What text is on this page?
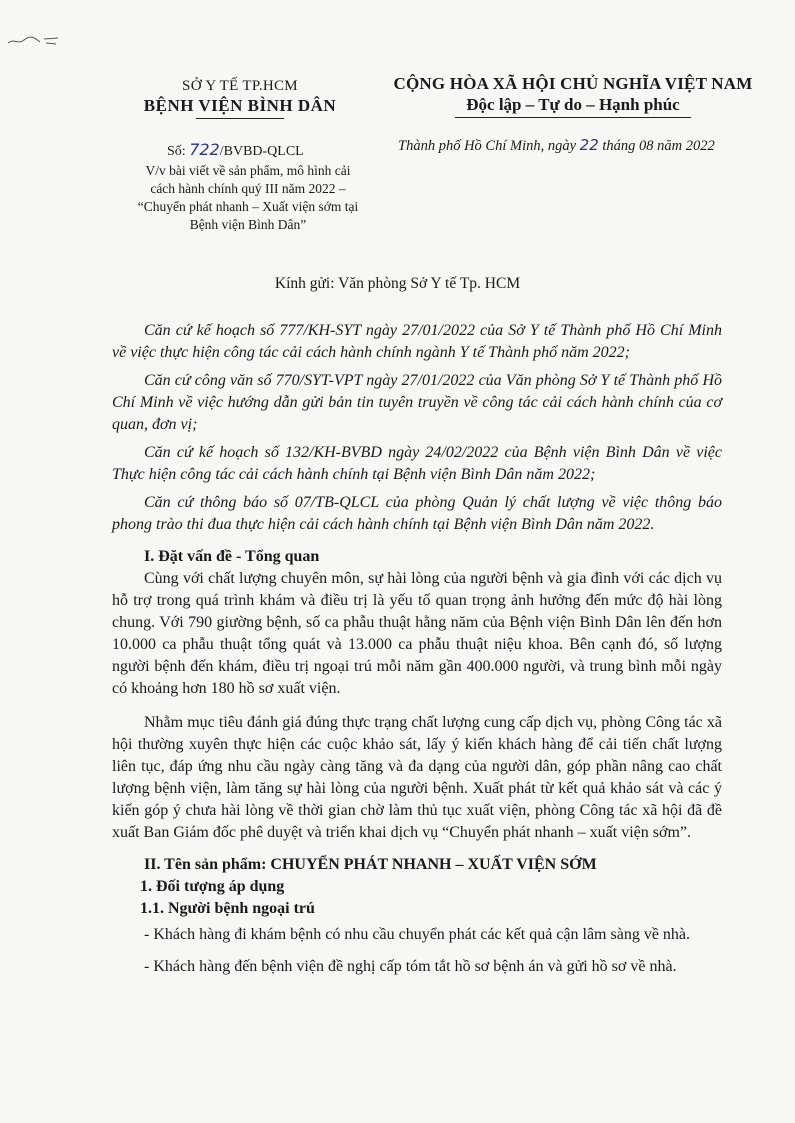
SỞ Y TẾ TP.HCM
BỆNH VIỆN BÌNH DÂN
CỘNG HÒA XÃ HỘI CHỦ NGHĨA VIỆT NAM
Độc lập – Tự do – Hạnh phúc
Số: 722/BVBD-QLCL
V/v bài viết về sản phẩm, mô hình cải cách hành chính quý III năm 2022 – “Chuyển phát nhanh – Xuất viện sớm tại Bệnh viện Bình Dân”
Thành phố Hồ Chí Minh, ngày 22 tháng 08 năm 2022
Kính gửi: Văn phòng Sở Y tế Tp. HCM

Căn cứ kế hoạch số 777/KH-SYT ngày 27/01/2022 của Sở Y tế Thành phố Hồ Chí Minh về việc thực hiện công tác cải cách hành chính ngành Y tế Thành phố năm 2022;

Căn cứ công văn số 770/SYT-VPT ngày 27/01/2022 của Văn phòng Sở Y tế Thành phố Hồ Chí Minh về việc hướng dẫn gửi bản tin tuyên truyền về công tác cải cách hành chính của cơ quan, đơn vị;

Căn cứ kế hoạch số 132/KH-BVBD ngày 24/02/2022 của Bệnh viện Bình Dân về việc Thực hiện công tác cải cách hành chính tại Bệnh viện Bình Dân năm 2022;

Căn cứ thông báo số 07/TB-QLCL của phòng Quản lý chất lượng về việc thông báo phong trào thi đua thực hiện cải cách hành chính tại Bệnh viện Bình Dân năm 2022.

I. Đặt vấn đề - Tổng quan

Cùng với chất lượng chuyên môn, sự hài lòng của người bệnh và gia đình với các dịch vụ hỗ trợ trong quá trình khám và điều trị là yếu tố quan trọng ảnh hưởng đến mức độ hài lòng chung. Với 790 giường bệnh, số ca phẫu thuật hằng năm của Bệnh viện Bình Dân lên đến hơn 10.000 ca phẫu thuật tổng quát và 13.000 ca phẫu thuật niệu khoa. Bên cạnh đó, số lượng người bệnh đến khám, điều trị ngoại trú mỗi năm gần 400.000 người, và trung bình mỗi ngày có khoảng hơn 180 hồ sơ xuất viện.

Nhằm mục tiêu đánh giá đúng thực trạng chất lượng cung cấp dịch vụ, phòng Công tác xã hội thường xuyên thực hiện các cuộc khảo sát, lấy ý kiến khách hàng để cải tiến chất lượng liên tục, đáp ứng nhu cầu ngày càng tăng và đa dạng của người dân, góp phần nâng cao chất lượng bệnh viện, làm tăng sự hài lòng của người bệnh. Xuất phát từ kết quả khảo sát và các ý kiến góp ý chưa hài lòng về thời gian chờ làm thủ tục xuất viện, phòng Công tác xã hội đã đề xuất Ban Giám đốc phê duyệt và triển khai dịch vụ “Chuyển phát nhanh – xuất viện sớm”.

II. Tên sản phẩm: CHUYỂN PHÁT NHANH – XUẤT VIỆN SỚM

1. Đối tượng áp dụng

1.1. Người bệnh ngoại trú

- Khách hàng đi khám bệnh có nhu cầu chuyển phát các kết quả cận lâm sàng về nhà.

- Khách hàng đến bệnh viện đề nghị cấp tóm tắt hồ sơ bệnh án và gửi hồ sơ về nhà.
